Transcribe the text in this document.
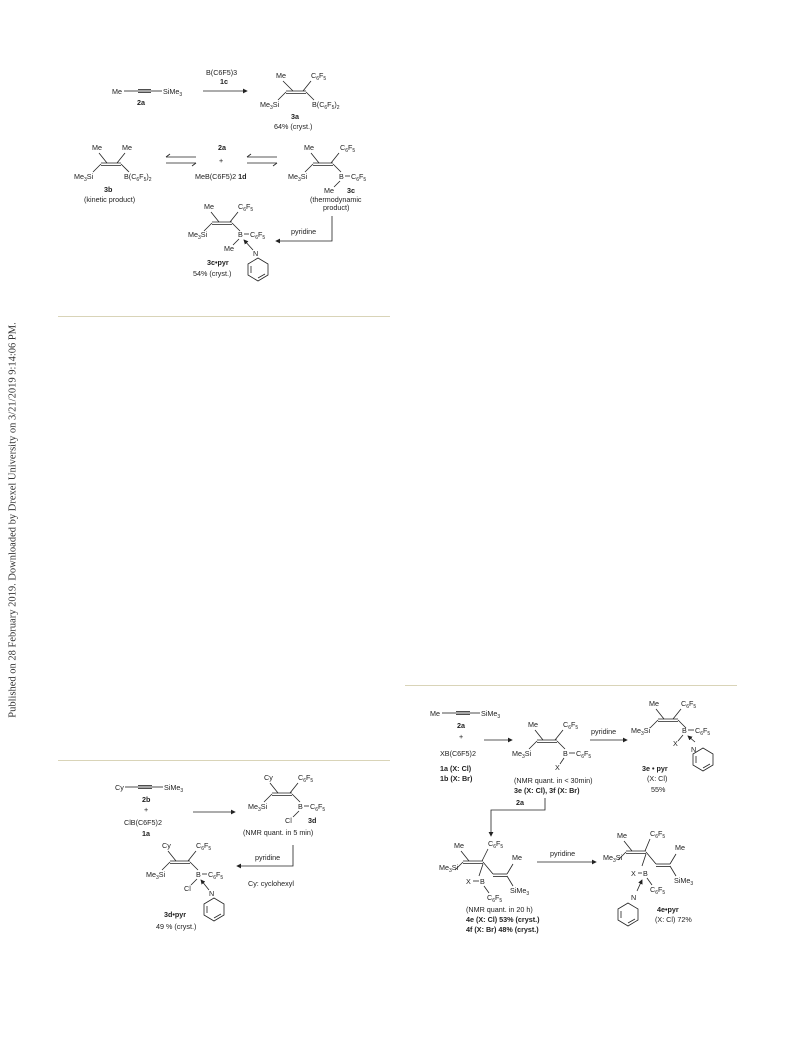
Published on 28 February 2019. Downloaded by Drexel University on 3/21/2019 9:14:06 PM.
Me	SiMe$_3$
2a
B(C6F5)3
1c
Me	$C_6F_5$
$Me_3Si$	$B(C_6F_5)_2$
3a
64% (cryst.)
Me	Me
$Me_3Si$	$B(C_6F_5)_2$
3b
(kinetic product)
2a
+
MeB(C6F5)2 1d
Me	$C_6F_5$
$Me_3Si$	B $C_6F_5$
Me 3c
(thermodynamic
product)
pyridine
Me	$C_6F_5$
$Me_3Si$	B $C_6F_5$
Me
N
3c•pyr
54% (cryst.)
Cy	SiMe$_3$
2b
+
ClB(C6F5)2
1a
Cy	$C_6F_5$
$Me_3Si$	B $C_6F_5$
Cl 3d
(NMR quant. in 5 min)
pyridine
Cy: cyclohexyl
Cy	$C_6F_5$
$Me_3Si$	B $C_6F_5$
Cl
N
3d•pyr
49 % (cryst.)
Me	SiMe$_3$
2a
+
XB(C6F5)2
1a (X: Cl)
1b (X: Br)
Me	$C_6F_5$
$Me_3Si$	B $C_6F_5$
X
(NMR quant. in < 30min)
3e (X: Cl), 3f (X: Br)
pyridine
Me	$C_6F_5$
$Me_3Si$	B $C_6F_5$
X
N
3e • pyr
(X: Cl)
55%
2a
Me	$C_6F_5$
$Me_3Si$
Me
SiMe$_3$
X B
$C_6F_5$
(NMR quant. in 20 h)
4e (X: Cl) 53% (cryst.)
4f (X: Br) 48% (cryst.)
pyridine
Me	$C_6F_5$
$Me_3Si$
Me
SiMe$_3$
X B
$C_6F_5$
N
4e•pyr
(X: Cl) 72%
